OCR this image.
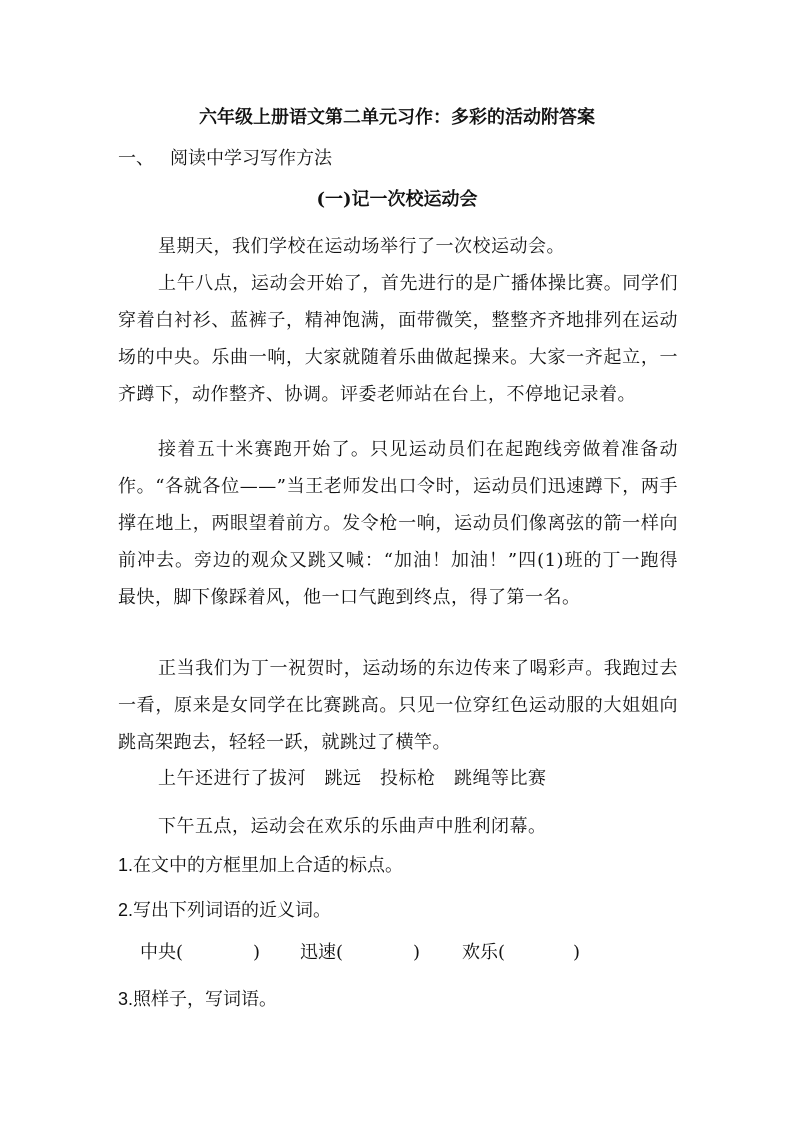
六年级上册语文第二单元习作：多彩的活动附答案
一、 阅读中学习写作方法
(一)记一次校运动会

星期天，我们学校在运动场举行了一次校运动会。

上午八点，运动会开始了，首先进行的是广播体操比赛。同学们穿着白衬衫、蓝裤子，精神饱满，面带微笑，整整齐齐地排列在运动场的中央。乐曲一响，大家就随着乐曲做起操来。大家一齐起立，一齐蹲下，动作整齐、协调。评委老师站在台上，不停地记录着。

接着五十米赛跑开始了。只见运动员们在起跑线旁做着准备动作。“各就各位——”当王老师发出口令时，运动员们迅速蹲下，两手撑在地上，两眼望着前方。发令枪一响，运动员们像离弦的箭一样向前冲去。旁边的观众又跳又喊：“加油！加油！”四(1)班的丁一跑得最快，脚下像踩着风，他一口气跑到终点，得了第一名。

正当我们为丁一祝贺时，运动场的东边传来了喝彩声。我跑过去一看，原来是女同学在比赛跳高。只见一位穿红色运动服的大姐姐向跳高架跑去，轻轻一跃，就跳过了横竿。

上午还进行了拔河　跳远　投标枪　跳绳等比赛

下午五点，运动会在欢乐的乐曲声中胜利闭幕。

1.在文中的方框里加上合适的标点。
2.写出下列词语的近义词。
中央(	) 迅速(	) 欢乐(	)
3.照样子，写词语。
